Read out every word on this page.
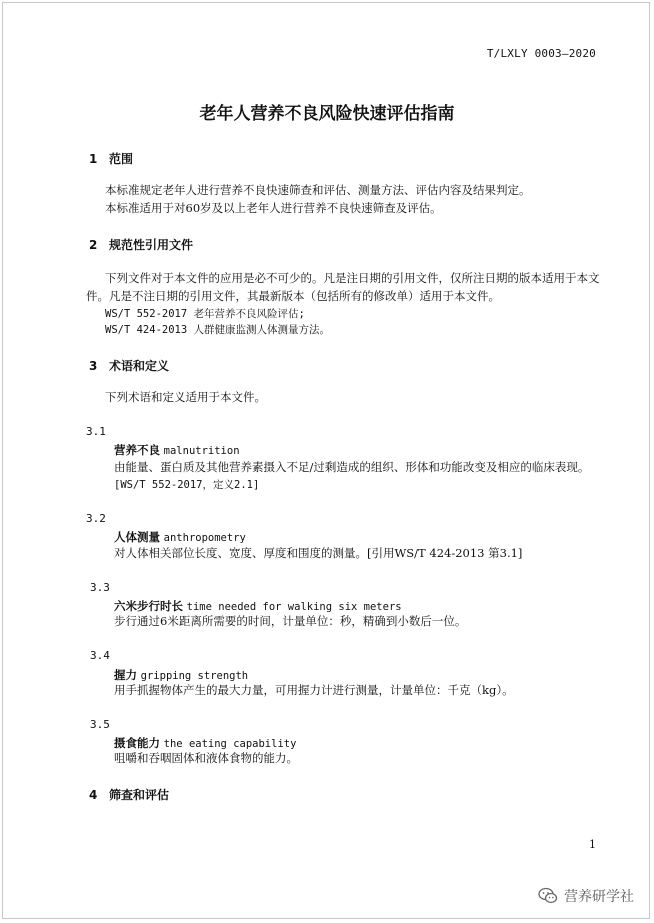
T/LXLY 0003—2020
老年人营养不良风险快速评估指南
1 范围
本标准规定老年人进行营养不良快速筛查和评估、测量方法、评估内容及结果判定。
本标准适用于对60岁及以上老年人进行营养不良快速筛查及评估。
2 规范性引用文件
下列文件对于本文件的应用是必不可少的。凡是注日期的引用文件，仅所注日期的版本适用于本文件。凡是不注日期的引用文件，其最新版本（包括所有的修改单）适用于本文件。
WS/T 552-2017 老年营养不良风险评估;
WS/T 424-2013 人群健康监测人体测量方法。
3 术语和定义
下列术语和定义适用于本文件。
3.1
营养不良 malnutrition
由能量、蛋白质及其他营养素摄入不足/过剩造成的组织、形体和功能改变及相应的临床表现。
[WS/T 552-2017，定义2.1]
3.2
人体测量 anthropometry
对人体相关部位长度、宽度、厚度和围度的测量。[引用WS/T 424-2013 第3.1]
3.3
六米步行时长 time needed for walking six meters
步行通过6米距离所需要的时间，计量单位：秒，精确到小数后一位。
3.4
握力 gripping strength
用手抓握物体产生的最大力量，可用握力计进行测量，计量单位：千克（kg）。
3.5
摄食能力 the eating capability
咀嚼和吞咽固体和液体食物的能力。
4 筛查和评估
1
营养研学社
